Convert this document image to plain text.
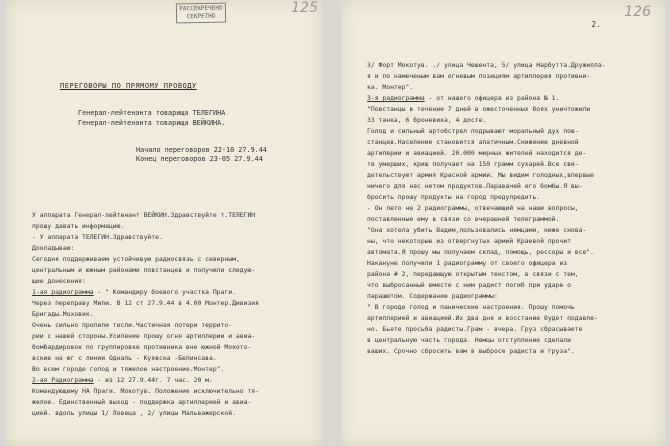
РАССЕКРЕЧЕНО
СЕКРЕТНО
125
ПЕРЕГОВОРЫ ПО ПРЯМОМУ ПРОВОДУ
Генерал-лейтенанта товарища ТЕЛЕГИНА
Генерал-лейтенанта товарища ВЕЙКИНА.
Начало переговоров 22-10 27.9.44
Конец переговоров 23-05 27.9.44
У аппарата Генерал-лейтенант ВЕЙКИН.Здравствуйте т.ТЕЛЕГИН
прошу давать информацию.
- У аппарата ТЕЛЕГИН.Здравствуйте.
Докладываю:
Сегодня поддерживаем устойчивую радиосвязь с северным,
центральным и южным районами повстанцев и получили следую-
щие донесения:
1-ая радиограмма - " Командиру боевого участка Праги.
Через переправу Мили. В 12 ст 27.9.44 в 4.00 Монтер.Дивизия
Бригады.Моховик.
Очень сильно пролили тесли.Частичная потери террито-
рии с нашей стороны.Усиление прошу огня артиллерии и авиа-
бомбардировок по группировке противника вне южной Мокото-
вские на юг с линии Одналь - Куявска -Белинсава.
Во всем городе голод и тяжелое настроение.Монтер".
2-ая Радиограмма - из 12 27.9.44г. 7 час. 20 м.
Командующему НА Праги. Мокотув. Положение исключительно тя-
желое. Единственный выход - поддержка артиллерией и авиа-
цией. вдоль улицы 1/ Ловеца , 2/ улицы Мальважерской.
126
2.
3/ Форт Мокотув. ./ улица Чешента, 5/ улица Нарбутта.Дружилла-
я и по намеченым вам огневым позициям артиллерия противни-
ка. Монтер".
3-я радиограмма - от нашего офицера из района № 1.
"Повстанцы в течение 7 дней в ожесточенных боях уничтожили
33 танка, 6 броневика, 4 досте.
Голод и сильный артобстрел подрывают моральный дух пов-
станцев.Население становится апатичным.Снижение дневной
артилерии и авиацией. 20.000 мирных жителей находится де-
те умерших, криш получает на 150 грамм сухарей.Все сви-
детельствуют армия Красной армии. Мы видим голодных,впервые
ничего для нас нетом продуктов.Паравачей его бомбы.Я вы-
бросить прошу продукты на город предупредить.
- Он лето не 2 радиограммы, отвечающий на наши вопросы,
поставленные ему в связи со вчерашней телеграммой.
"Она хотела убить Вадим,пользовались немцами, ниже снова-
ны, что некоторые из отвергнутых армий Краевой прочит
автомата.Я прошу мы получаем склад, помощь, рессоры и все".
Накануне получили 1 радиограмму от своего офицера из
района # 2, передающую открытым текстом, в связи с тем,
что выбросанный вместе с ним радист погиб при ударе о
парашютом. Содержание радиограммы:
" В городе голод и панические настроения. Прошу помочь
артиллерией и авиацией.Их два дня и восстание будет подавле-
но. Бьете просьба радисты.Грам - вчера. Груз сбрасываете
в центральную часть города. Немцы отступление сделали
ваших. Срочно сбросить вам в выбросе радиста и груза".
